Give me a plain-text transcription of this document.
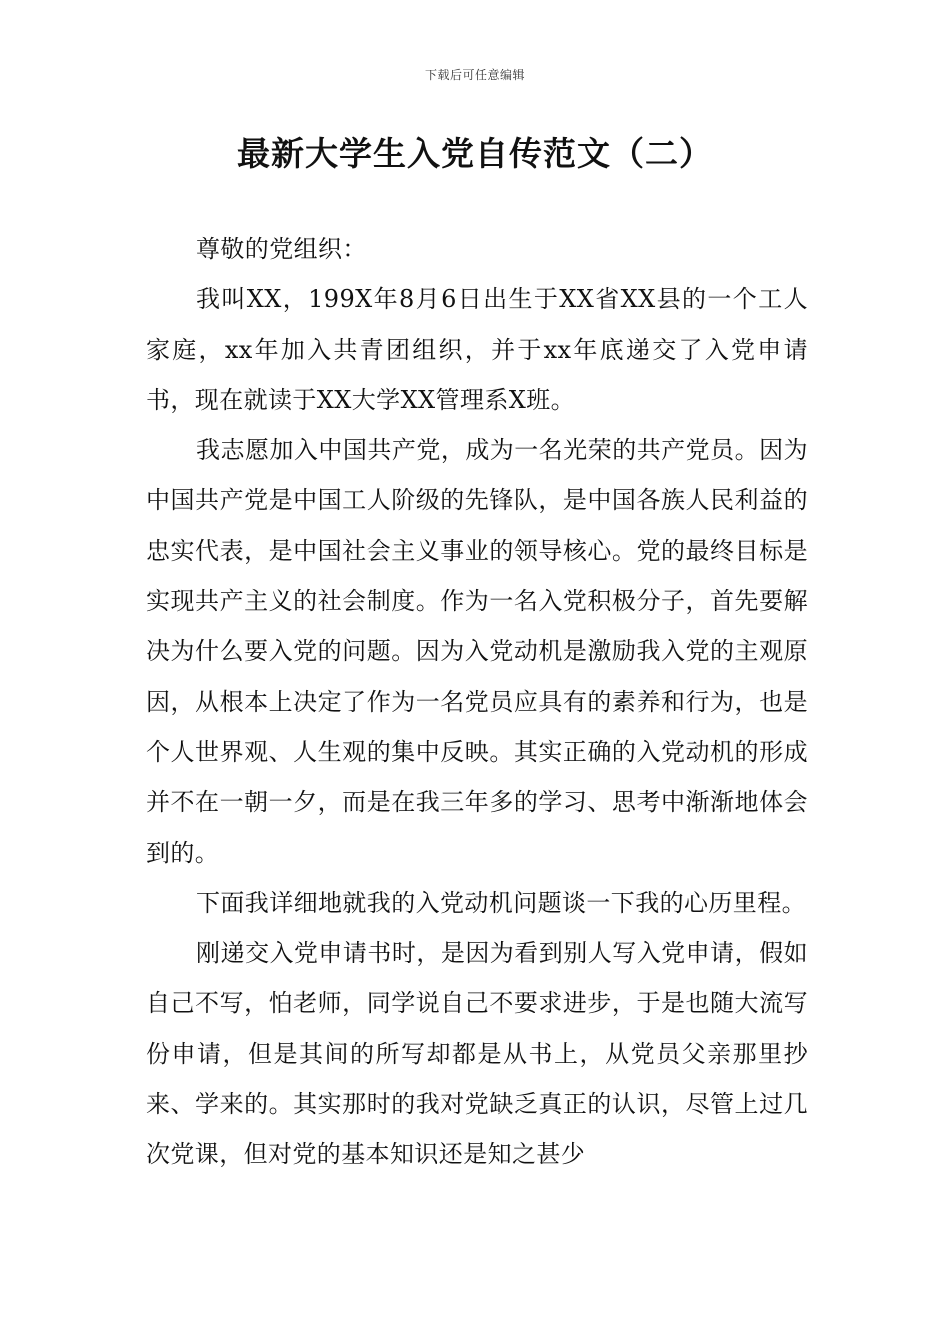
下载后可任意编辑
最新大学生入党自传范文（二）

尊敬的党组织：

我叫XX，199X年8月6日出生于XX省XX县的一个工人家庭，xx年加入共青团组织，并于xx年底递交了入党申请书，现在就读于XX大学XX管理系X班。

我志愿加入中国共产党，成为一名光荣的共产党员。因为中国共产党是中国工人阶级的先锋队，是中国各族人民利益的忠实代表，是中国社会主义事业的领导核心。党的最终目标是实现共产主义的社会制度。作为一名入党积极分子，首先要解决为什么要入党的问题。因为入党动机是激励我入党的主观原因，从根本上决定了作为一名党员应具有的素养和行为，也是个人世界观、人生观的集中反映。其实正确的入党动机的形成并不在一朝一夕，而是在我三年多的学习、思考中渐渐地体会到的。

下面我详细地就我的入党动机问题谈一下我的心历里程。

刚递交入党申请书时，是因为看到别人写入党申请，假如自己不写，怕老师，同学说自己不要求进步，于是也随大流写份申请，但是其间的所写却都是从书上，从党员父亲那里抄来、学来的。其实那时的我对党缺乏真正的认识，尽管上过几次党课，但对党的基本知识还是知之甚少
